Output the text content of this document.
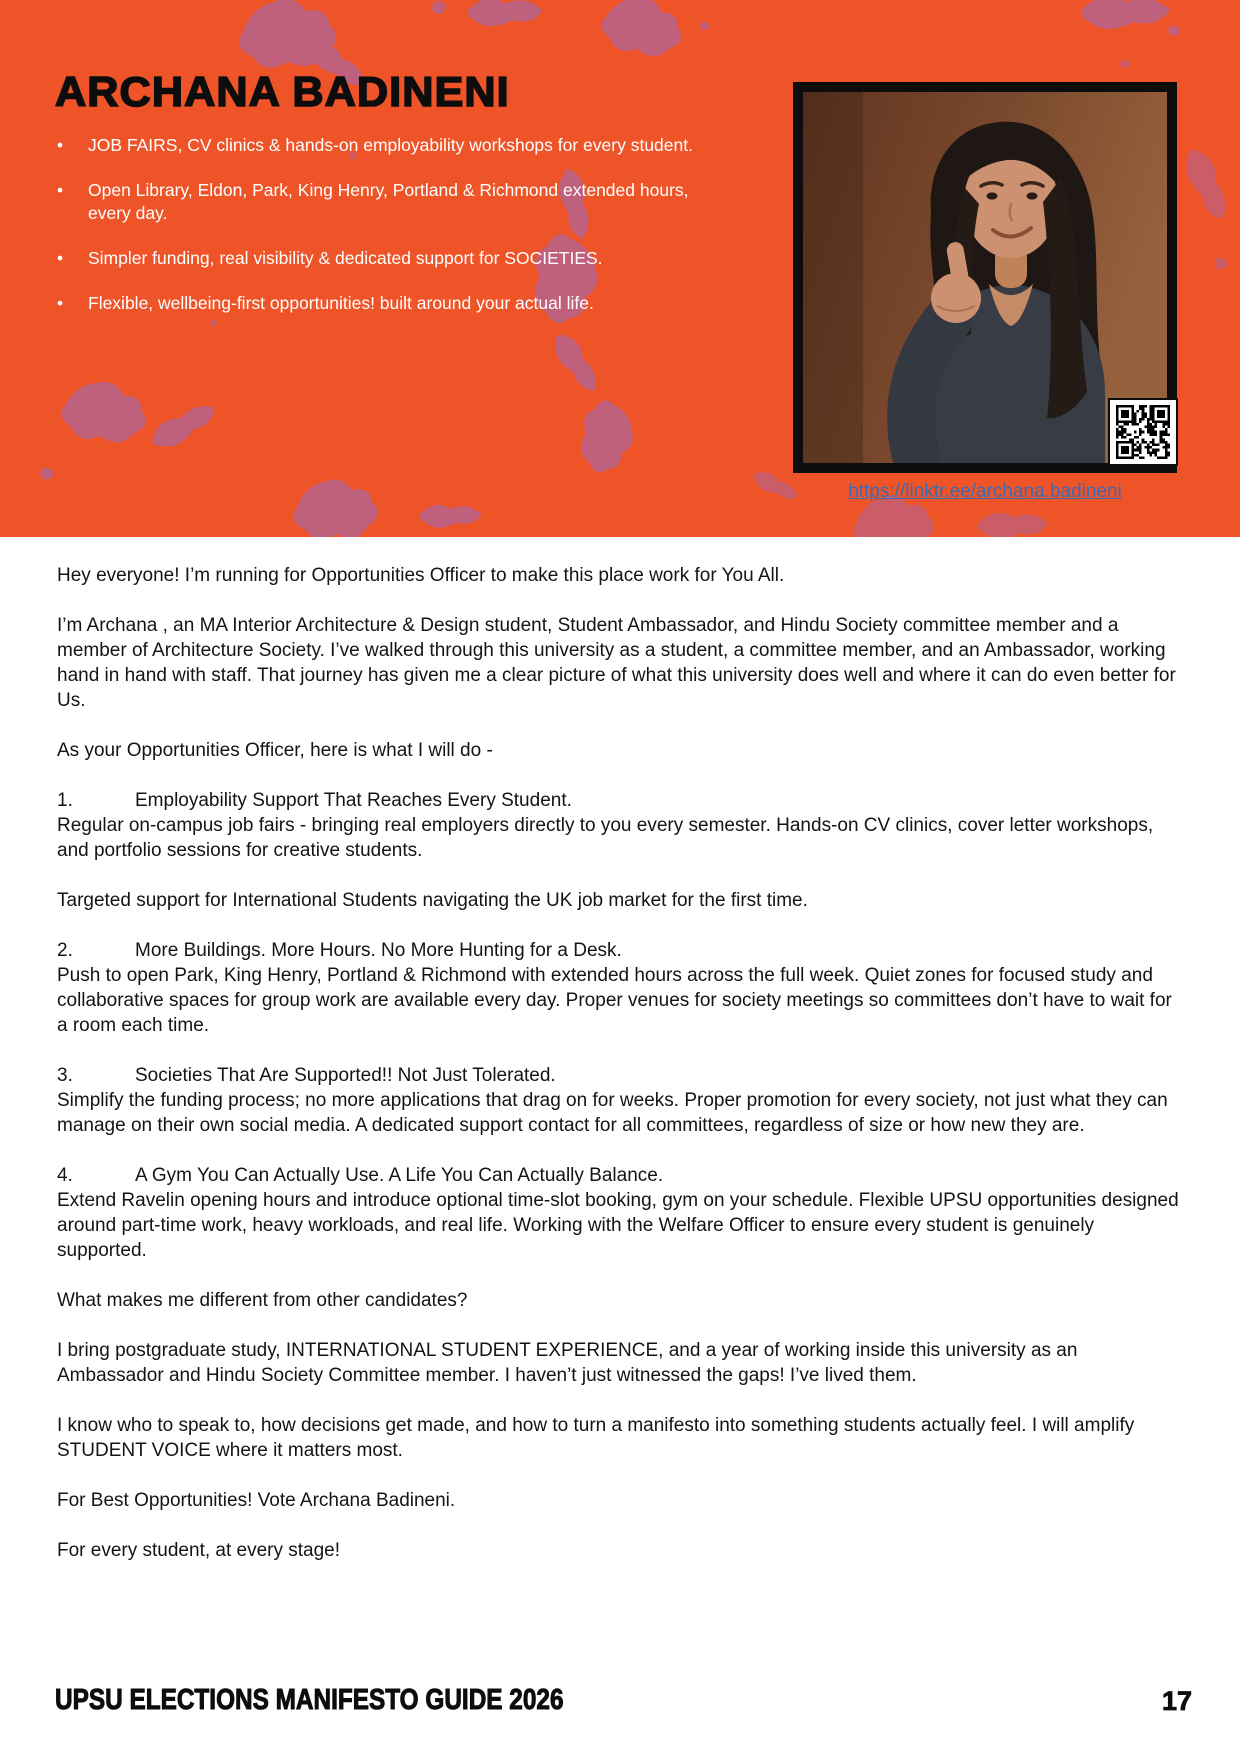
ARCHANA BADINENI
• JOB FAIRS, CV clinics & hands-on employability workshops for every student.
• Open Library, Eldon, Park, King Henry, Portland & Richmond extended hours, every day.
• Simpler funding, real visibility & dedicated support for SOCIETIES.
• Flexible, wellbeing-first opportunities! built around your actual life.
https://linktr.ee/archana.badineni
Hey everyone! I’m running for Opportunities Officer to make this place work for You All.
I’m Archana , an MA Interior Architecture & Design student, Student Ambassador, and Hindu Society committee member and a member of Architecture Society. I’ve walked through this university as a student, a committee member, and an Ambassador, working hand in hand with staff. That journey has given me a clear picture of what this university does well and where it can do even better for Us.
As your Opportunities Officer, here is what I will do -
1.	Employability Support That Reaches Every Student.
Regular on-campus job fairs - bringing real employers directly to you every semester. Hands-on CV clinics, cover letter workshops, and portfolio sessions for creative students.
Targeted support for International Students navigating the UK job market for the first time.
2.	More Buildings. More Hours. No More Hunting for a Desk.
Push to open Park, King Henry, Portland & Richmond with extended hours across the full week. Quiet zones for focused study and collaborative spaces for group work are available every day. Proper venues for society meetings so committees don’t have to wait for a room each time.
3.	Societies That Are Supported!! Not Just Tolerated.
Simplify the funding process; no more applications that drag on for weeks. Proper promotion for every society, not just what they can manage on their own social media. A dedicated support contact for all committees, regardless of size or how new they are.
4.	A Gym You Can Actually Use. A Life You Can Actually Balance.
Extend Ravelin opening hours and introduce optional time-slot booking, gym on your schedule. Flexible UPSU opportunities designed around part-time work, heavy workloads, and real life. Working with the Welfare Officer to ensure every student is genuinely supported.
What makes me different from other candidates?
I bring postgraduate study, INTERNATIONAL STUDENT EXPERIENCE, and a year of working inside this university as an Ambassador and Hindu Society Committee member. I haven’t just witnessed the gaps! I’ve lived them.
I know who to speak to, how decisions get made, and how to turn a manifesto into something students actually feel. I will amplify STUDENT VOICE where it matters most.
For Best Opportunities! Vote Archana Badineni.
For every student, at every stage!
UPSU ELECTIONS MANIFESTO GUIDE 2026	17
